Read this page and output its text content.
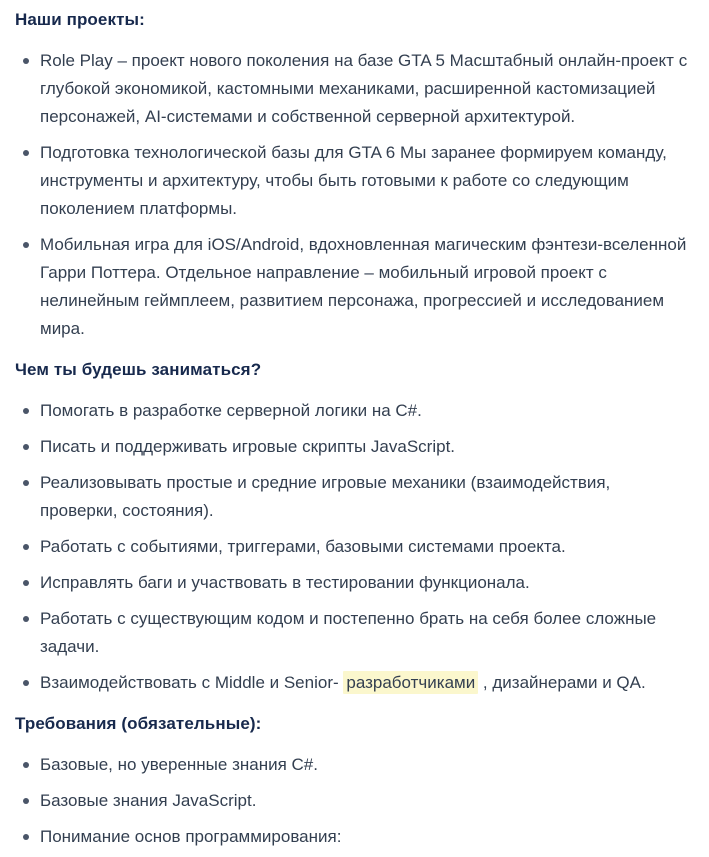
Наши проекты:
Role Play – проект нового поколения на базе GTA 5 Масштабный онлайн-проект с глубокой экономикой, кастомными механиками, расширенной кастомизацией персонажей, AI-системами и собственной серверной архитектурой.
Подготовка технологической базы для GTA 6 Мы заранее формируем команду, инструменты и архитектуру, чтобы быть готовыми к работе со следующим поколением платформы.
Мобильная игра для iOS/Android, вдохновленная магическим фэнтези-вселенной Гарри Поттера. Отдельное направление – мобильный игровой проект с нелинейным геймплеем, развитием персонажа, прогрессией и исследованием мира.
Чем ты будешь заниматься?
Помогать в разработке серверной логики на C#.
Писать и поддерживать игровые скрипты JavaScript.
Реализовывать простые и средние игровые механики (взаимодействия, проверки, состояния).
Работать с событиями, триггерами, базовыми системами проекта.
Исправлять баги и участвовать в тестировании функционала.
Работать с существующим кодом и постепенно брать на себя более сложные задачи.
Взаимодействовать с Middle и Senior- разработчиками , дизайнерами и QA.
Требования (обязательные):
Базовые, но уверенные знания C#.
Базовые знания JavaScript.
Понимание основ программирования:
